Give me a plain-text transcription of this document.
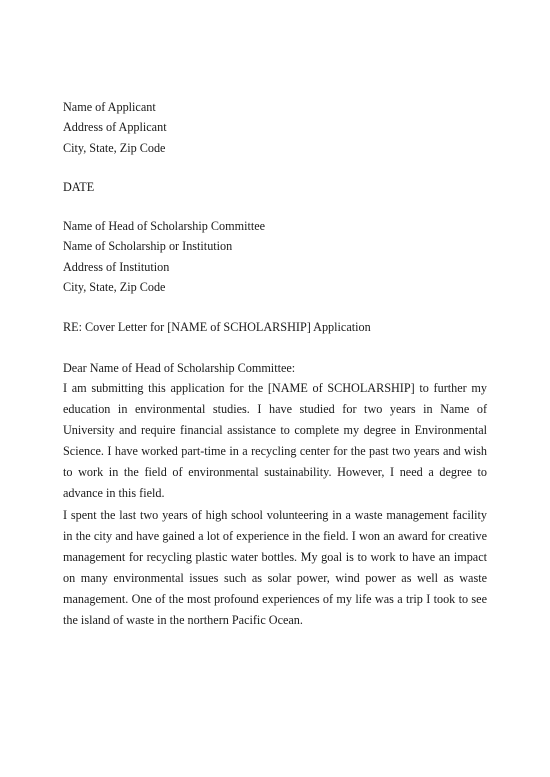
Name of Applicant
Address of Applicant
City, State, Zip Code
DATE
Name of Head of Scholarship Committee
Name of Scholarship or Institution
Address of Institution
City, State, Zip Code
RE: Cover Letter for [NAME of SCHOLARSHIP] Application
Dear Name of Head of Scholarship Committee:

I am submitting this application for the [NAME of SCHOLARSHIP] to further my education in environmental studies. I have studied for two years in Name of University and require financial assistance to complete my degree in Environmental Science. I have worked part-time in a recycling center for the past two years and wish to work in the field of environmental sustainability. However, I need a degree to advance in this field.

I spent the last two years of high school volunteering in a waste management facility in the city and have gained a lot of experience in the field. I won an award for creative management for recycling plastic water bottles. My goal is to work to have an impact on many environmental issues such as solar power, wind power as well as waste management. One of the most profound experiences of my life was a trip I took to see the island of waste in the northern Pacific Ocean.
